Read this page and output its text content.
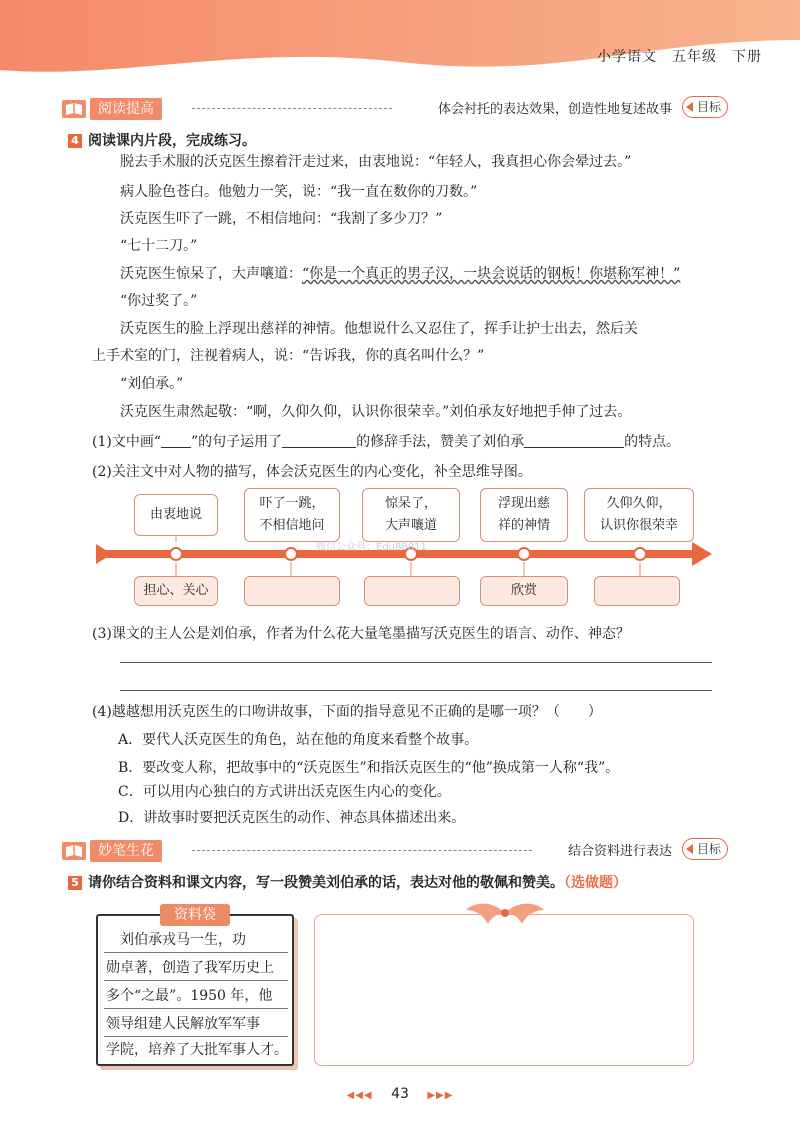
小学语文　五年级　下册
阅读提高	体会衬托的表达效果，创造性地复述故事	目标
4 阅读课内片段，完成练习。
脱去手术服的沃克医生擦着汗走过来，由衷地说：“年轻人，我真担心你会晕过去。”
病人脸色苍白。他勉力一笑，说：“我一直在数你的刀数。”
沃克医生吓了一跳，不相信地问：“我割了多少刀？”
“七十二刀。”
沃克医生惊呆了，大声嚷道：“你是一个真正的男子汉，一块会说话的钢板！你堪称军神！”
“你过奖了。”
沃克医生的脸上浮现出慈祥的神情。他想说什么又忍住了，挥手让护士出去，然后关
上手术室的门，注视着病人，说：“告诉我，你的真名叫什么？”
“刘伯承。”
沃克医生肃然起敬：“啊，久仰久仰，认识你很荣幸。”刘伯承友好地把手伸了过去。
(1)文中画“ ”的句子运用了	的修辞手法，赞美了刘伯承	的特点。
(2)关注文中对人物的描写，体会沃克医生的内心变化，补全思维导图。
由衷地说
吓了一跳，
不相信地问
惊呆了，
大声嚷道
浮现出慈
祥的神情
久仰久仰，
认识你很荣幸
担心、关心	欣赏
微信公众号：Edu88811
(3)课文的主人公是刘伯承，作者为什么花大量笔墨描写沃克医生的语言、动作、神态？
(4)越越想用沃克医生的口吻讲故事，下面的指导意见不正确的是哪一项？（　　）
A．要代人沃克医生的角色，站在他的角度来看整个故事。
B．要改变人称，把故事中的“沃克医生”和指沃克医生的“他”换成第一人称“我”。
C．可以用内心独白的方式讲出沃克医生内心的变化。
D．讲故事时要把沃克医生的动作、神态具体描述出来。
妙笔生花	结合资料进行表达	目标
5 请你结合资料和课文内容，写一段赞美刘伯承的话，表达对他的敬佩和赞美。（选做题）
资料袋
　刘伯承戎马一生，功
勋卓著，创造了我军历史上
多个“之最”。1950 年，他
领导组建人民解放军军事
学院，培养了大批军事人才。
◀◀◀ 43 ▶▶▶
